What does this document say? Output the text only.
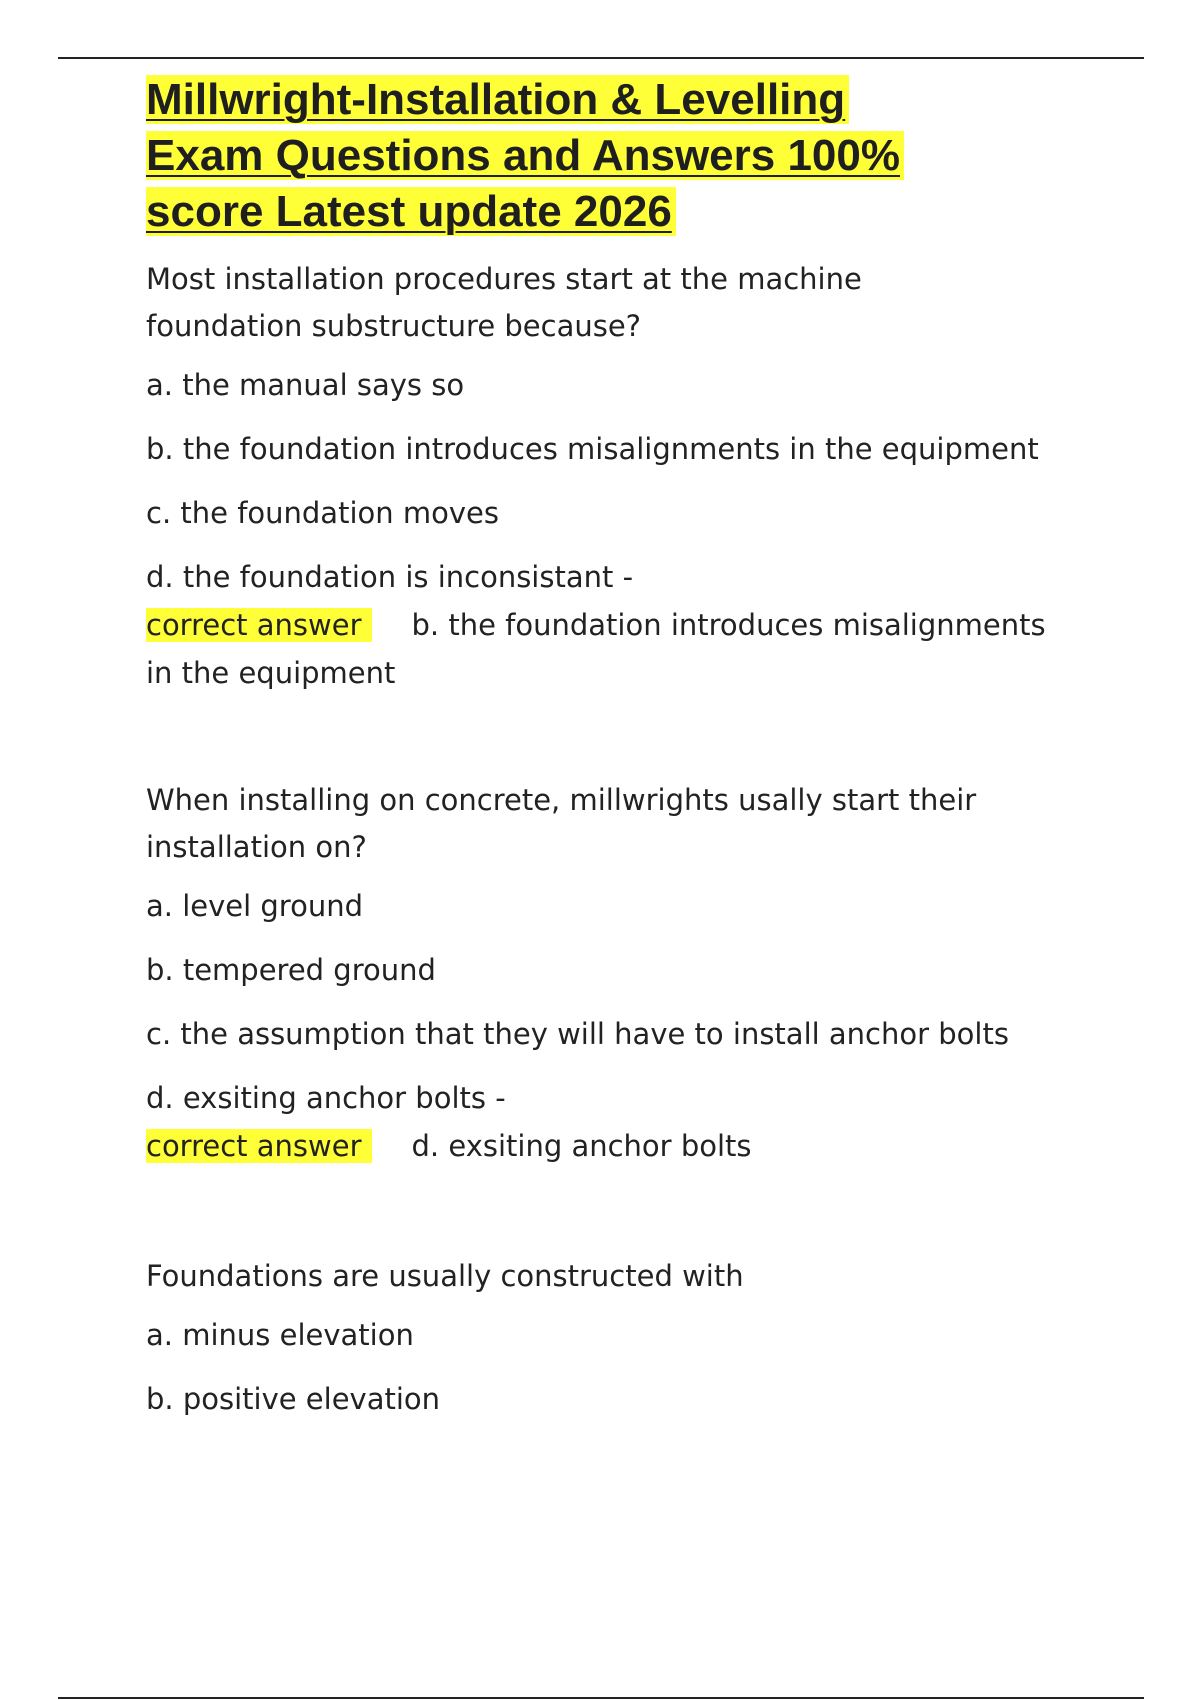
Millwright-Installation & Levelling
Exam Questions and Answers 100%
score Latest update 2026

Most installation procedures start at the machine foundation substructure because?

a. the manual says so

b. the foundation introduces misalignments in the equipment

c. the foundation moves

d. the foundation is inconsistant -

correct answer b. the foundation introduces misalignments in the equipment

When installing on concrete, millwrights usally start their installation on?

a. level ground

b. tempered ground

c. the assumption that they will have to install anchor bolts

d. exsiting anchor bolts -

correct answer d. exsiting anchor bolts

Foundations are usually constructed with

a. minus elevation

b. positive elevation
